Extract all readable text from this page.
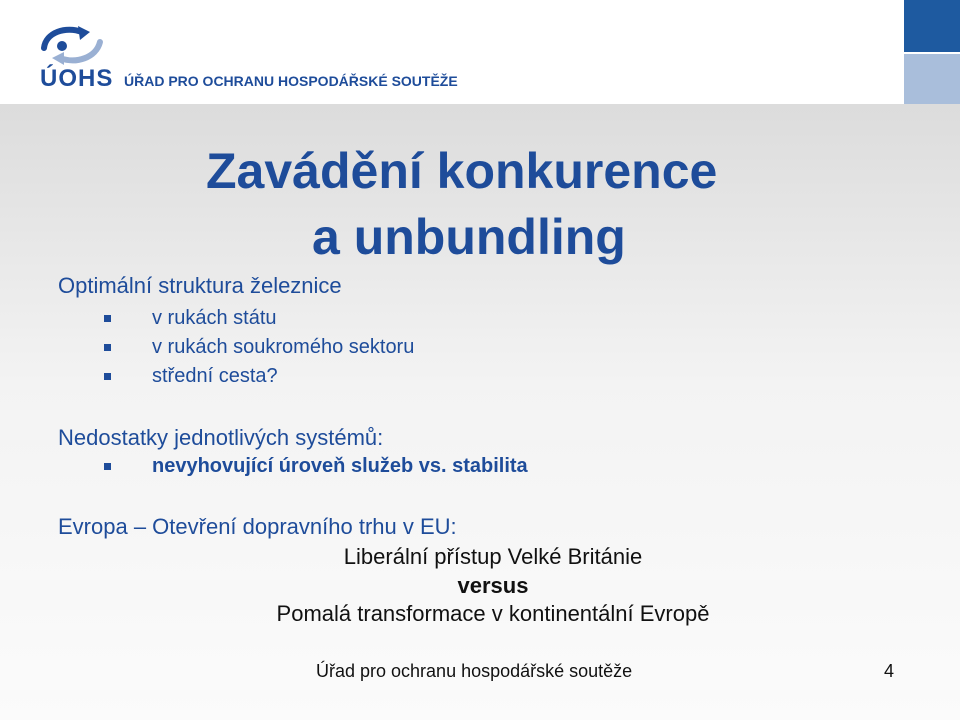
ÚOHS ÚŘAD PRO OCHRANU HOSPODÁŘSKÉ SOUTĚŽE
Zavádění konkurence
a unbundling
Optimální struktura železnice
v rukách státu
v rukách soukromého sektoru
střední cesta?
Nedostatky jednotlivých systémů:
nevyhovující úroveň služeb vs. stabilita
Evropa – Otevření dopravního trhu v EU:
Liberální přístup Velké Británie
versus
Pomalá transformace v kontinentální Evropě
Úřad pro ochranu hospodářské soutěže	4
